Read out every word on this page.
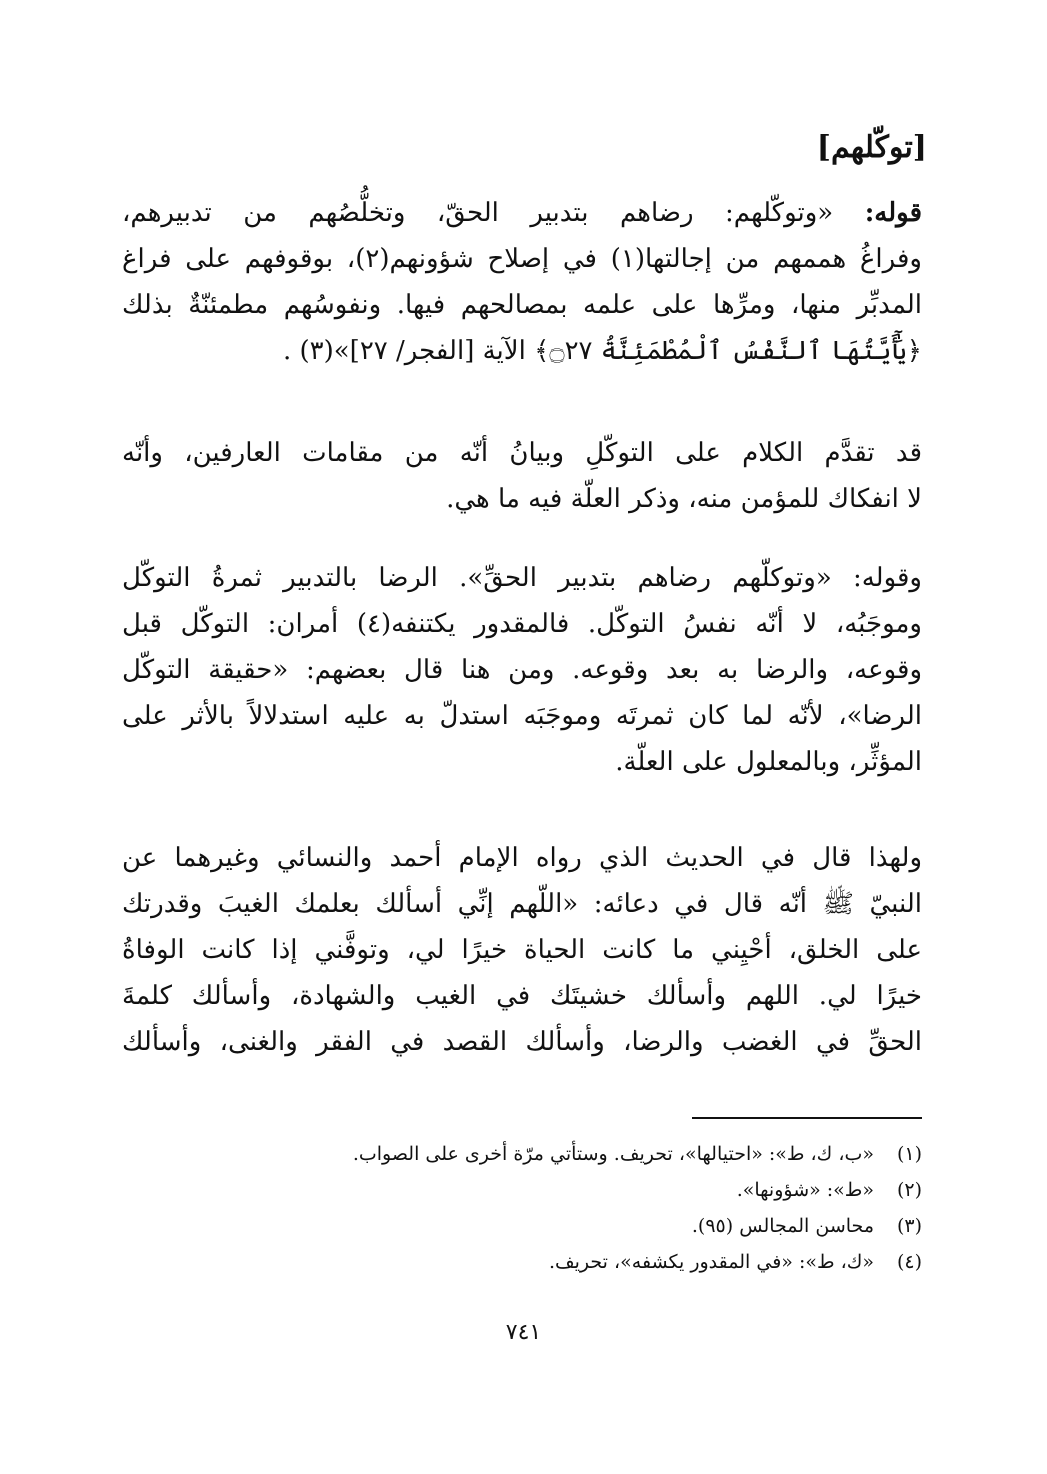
[توكّلهم]
قوله: «وتوكّلهم: رضاهم بتدبير الحقّ، وتخلُّصُهم من تدبيرهم،
وفراغُ هممهم من إجالتها(١) في إصلاح شؤونهم(٢)، بوقوفهم على فراغ
المدبِّر منها، ومرِّها على علمه بمصالحهم فيها. ونفوسُهم مطمئنّةٌ بذلك
﴿يَٰٓأَيَّتُهَا ٱلنَّفْسُ ٱلْمُطْمَئِنَّةُ ۝٢٧﴾ الآية [الفجر/ ٢٧]»(٣) .
قد تقدَّم الكلام على التوكّلِ وبيانُ أنّه من مقامات العارفين، وأنّه
لا انفكاك للمؤمن منه، وذكر العلّة فيه ما هي.
وقوله: «وتوكلّهم رضاهم بتدبير الحقِّ». الرضا بالتدبير ثمرةُ التوكّل
وموجَبُه، لا أنّه نفسُ التوكّل. فالمقدور يكتنفه(٤) أمران: التوكّل قبل
وقوعه، والرضا به بعد وقوعه. ومن هنا قال بعضهم: «حقيقة التوكّل
الرضا»، لأنّه لما كان ثمرتَه وموجَبَه استدلّ به عليه استدلالاً بالأثر على
المؤثِّر، وبالمعلول على العلّة.
ولهذا قال في الحديث الذي رواه الإمام أحمد والنسائي وغيرهما عن
النبيّ ﷺ أنّه قال في دعائه: «اللّهم إنِّي أسألك بعلمك الغيبَ وقدرتك
على الخلق، أحْيِني ما كانت الحياة خيرًا لي، وتوفَّني إذا كانت الوفاةُ
خيرًا لي. اللهم وأسألك خشيتَك في الغيب والشهادة، وأسألك كلمةَ
الحقِّ في الغضب والرضا، وأسألك القصد في الفقر والغنى، وأسألك
(١)«ب، ك، ط»: «احتيالها»، تحريف. وستأتي مرّة أخرى على الصواب.
(٢)«ط»: «شؤونها».
(٣)محاسن المجالس (٩٥).
(٤)«ك، ط»: «في المقدور يكشفه»، تحريف.
٧٤١
